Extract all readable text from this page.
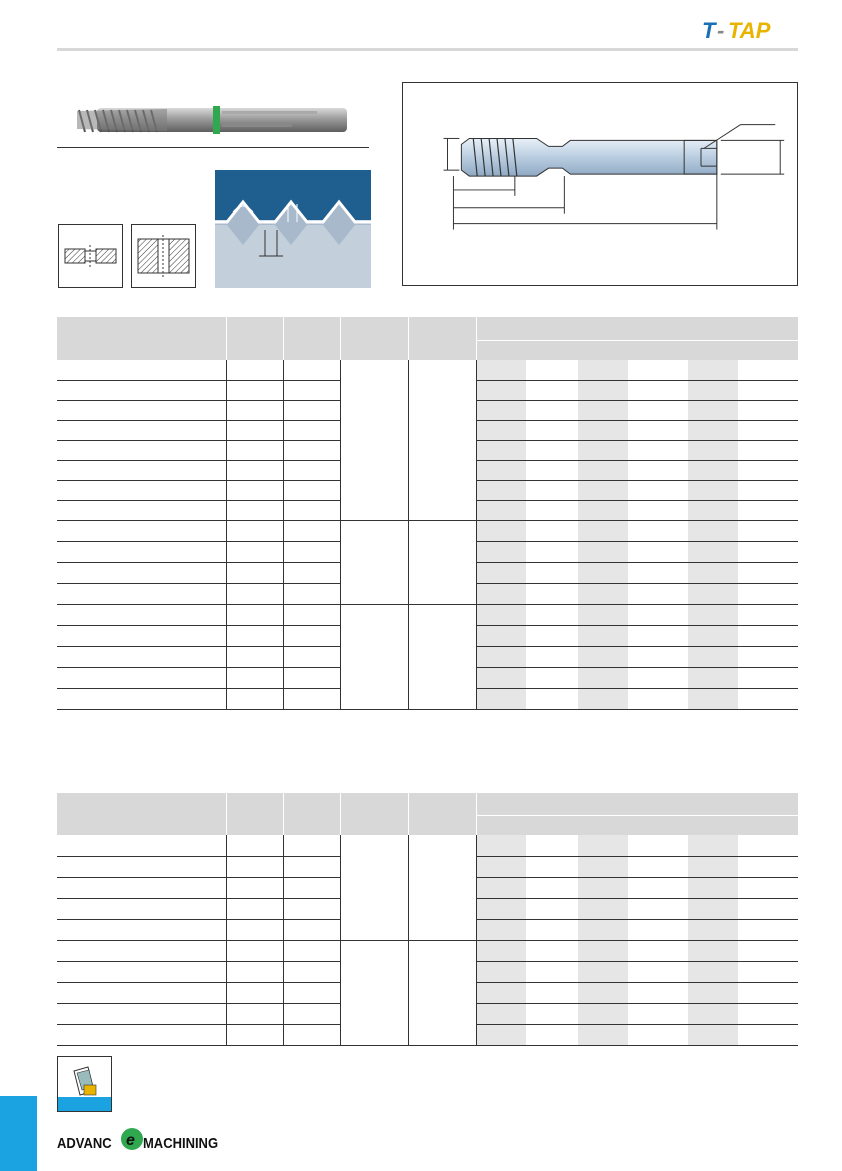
T - TAP

ADVANC e MACHINING
